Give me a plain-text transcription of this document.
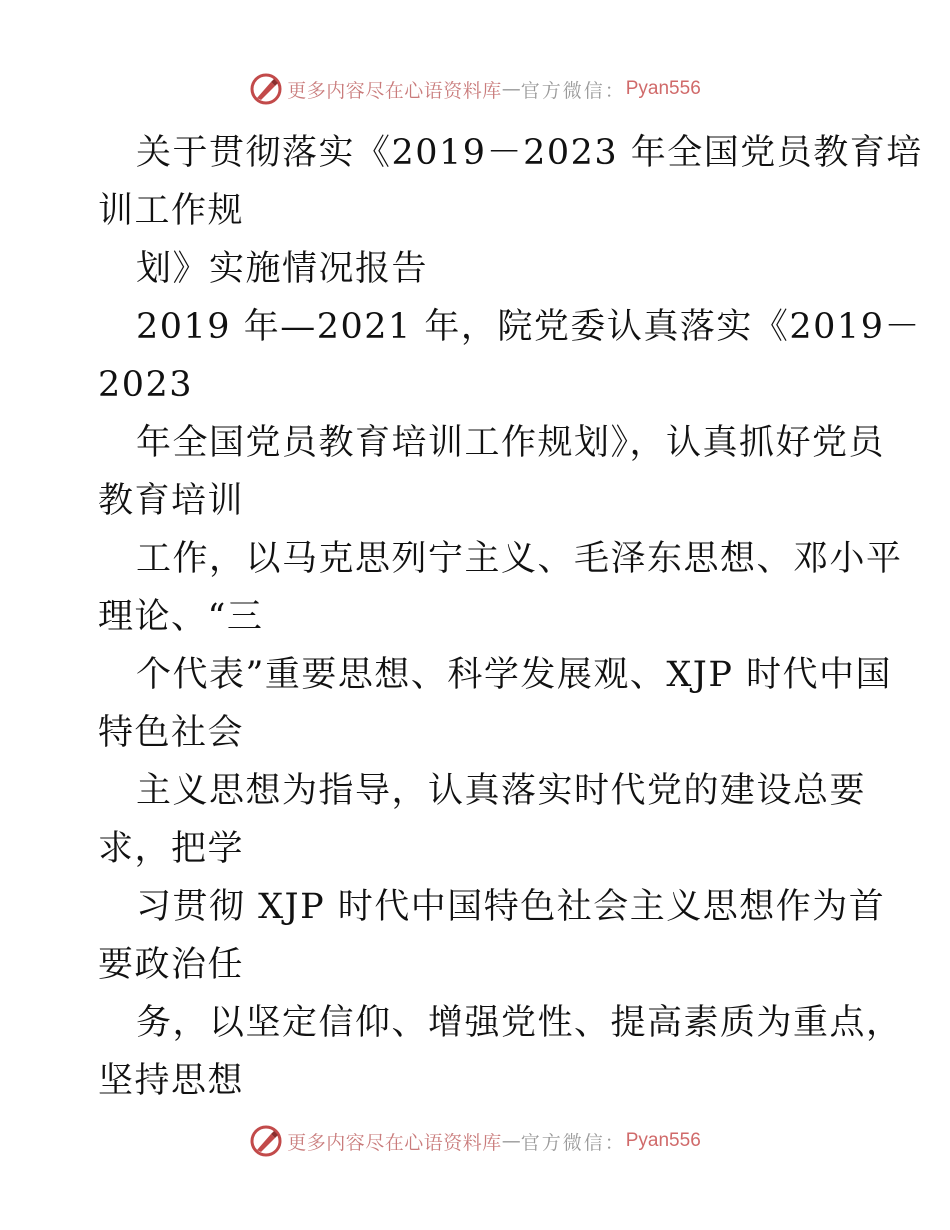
更多内容尽在心语资料库 — 官方微信： Pyan556
关于贯彻落实《2019－2023 年全国党员教育培
训工作规
划》实施情况报告
2019 年—2021 年，院党委认真落实《2019－
2023
年全国党员教育培训工作规划》，认真抓好党员
教育培训
工作，以马克思列宁主义、毛泽东思想、邓小平
理论、“三
个代表”重要思想、科学发展观、XJP 时代中国
特色社会
主义思想为指导，认真落实时代党的建设总要
求，把学
习贯彻 XJP 时代中国特色社会主义思想作为首
要政治任
务，以坚定信仰、增强党性、提高素质为重点，
坚持思想
更多内容尽在心语资料库 — 官方微信： Pyan556
